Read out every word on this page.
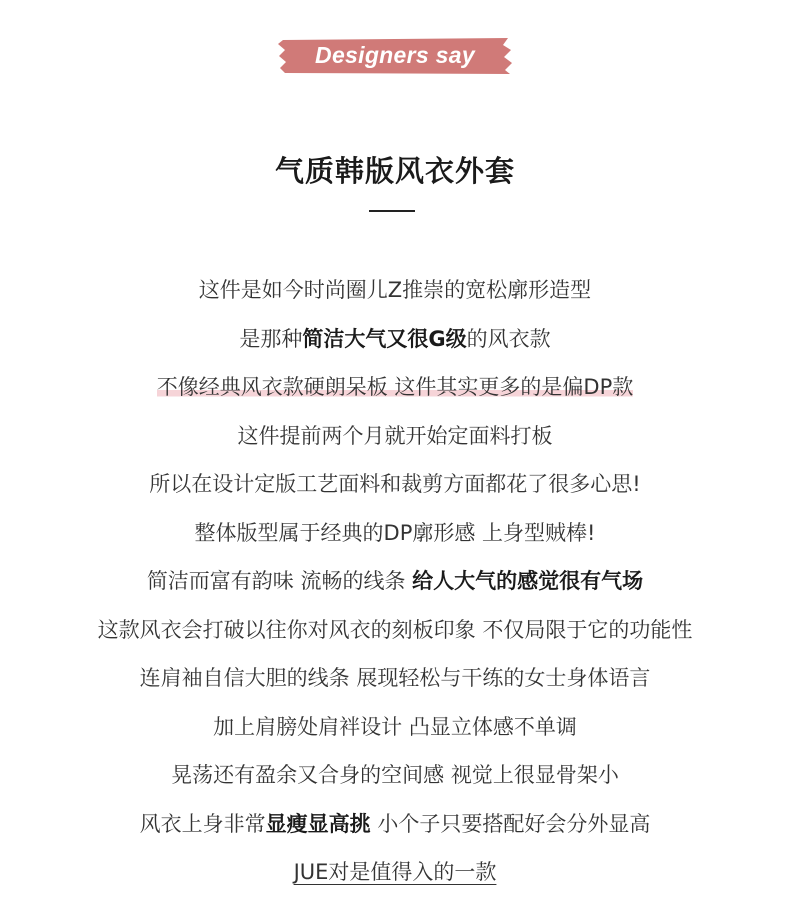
Designers say
气质韩版风衣外套
这件是如今时尚圈儿Z推崇的宽松廓形造型
是那种简洁大气又很G级的风衣款
不像经典风衣款硬朗呆板 这件其实更多的是偏DP款
这件提前两个月就开始定面料打板
所以在设计定版工艺面料和裁剪方面都花了很多心思!
整体版型属于经典的DP廓形感 上身型贼棒!
简洁而富有韵味 流畅的线条 给人大气的感觉很有气场
这款风衣会打破以往你对风衣的刻板印象 不仅局限于它的功能性
连肩袖自信大胆的线条 展现轻松与干练的女士身体语言
加上肩膀处肩袢设计 凸显立体感不单调
晃荡还有盈余又合身的空间感 视觉上很显骨架小
风衣上身非常显瘦显高挑 小个子只要搭配好会分外显高
JUE对是值得入的一款
